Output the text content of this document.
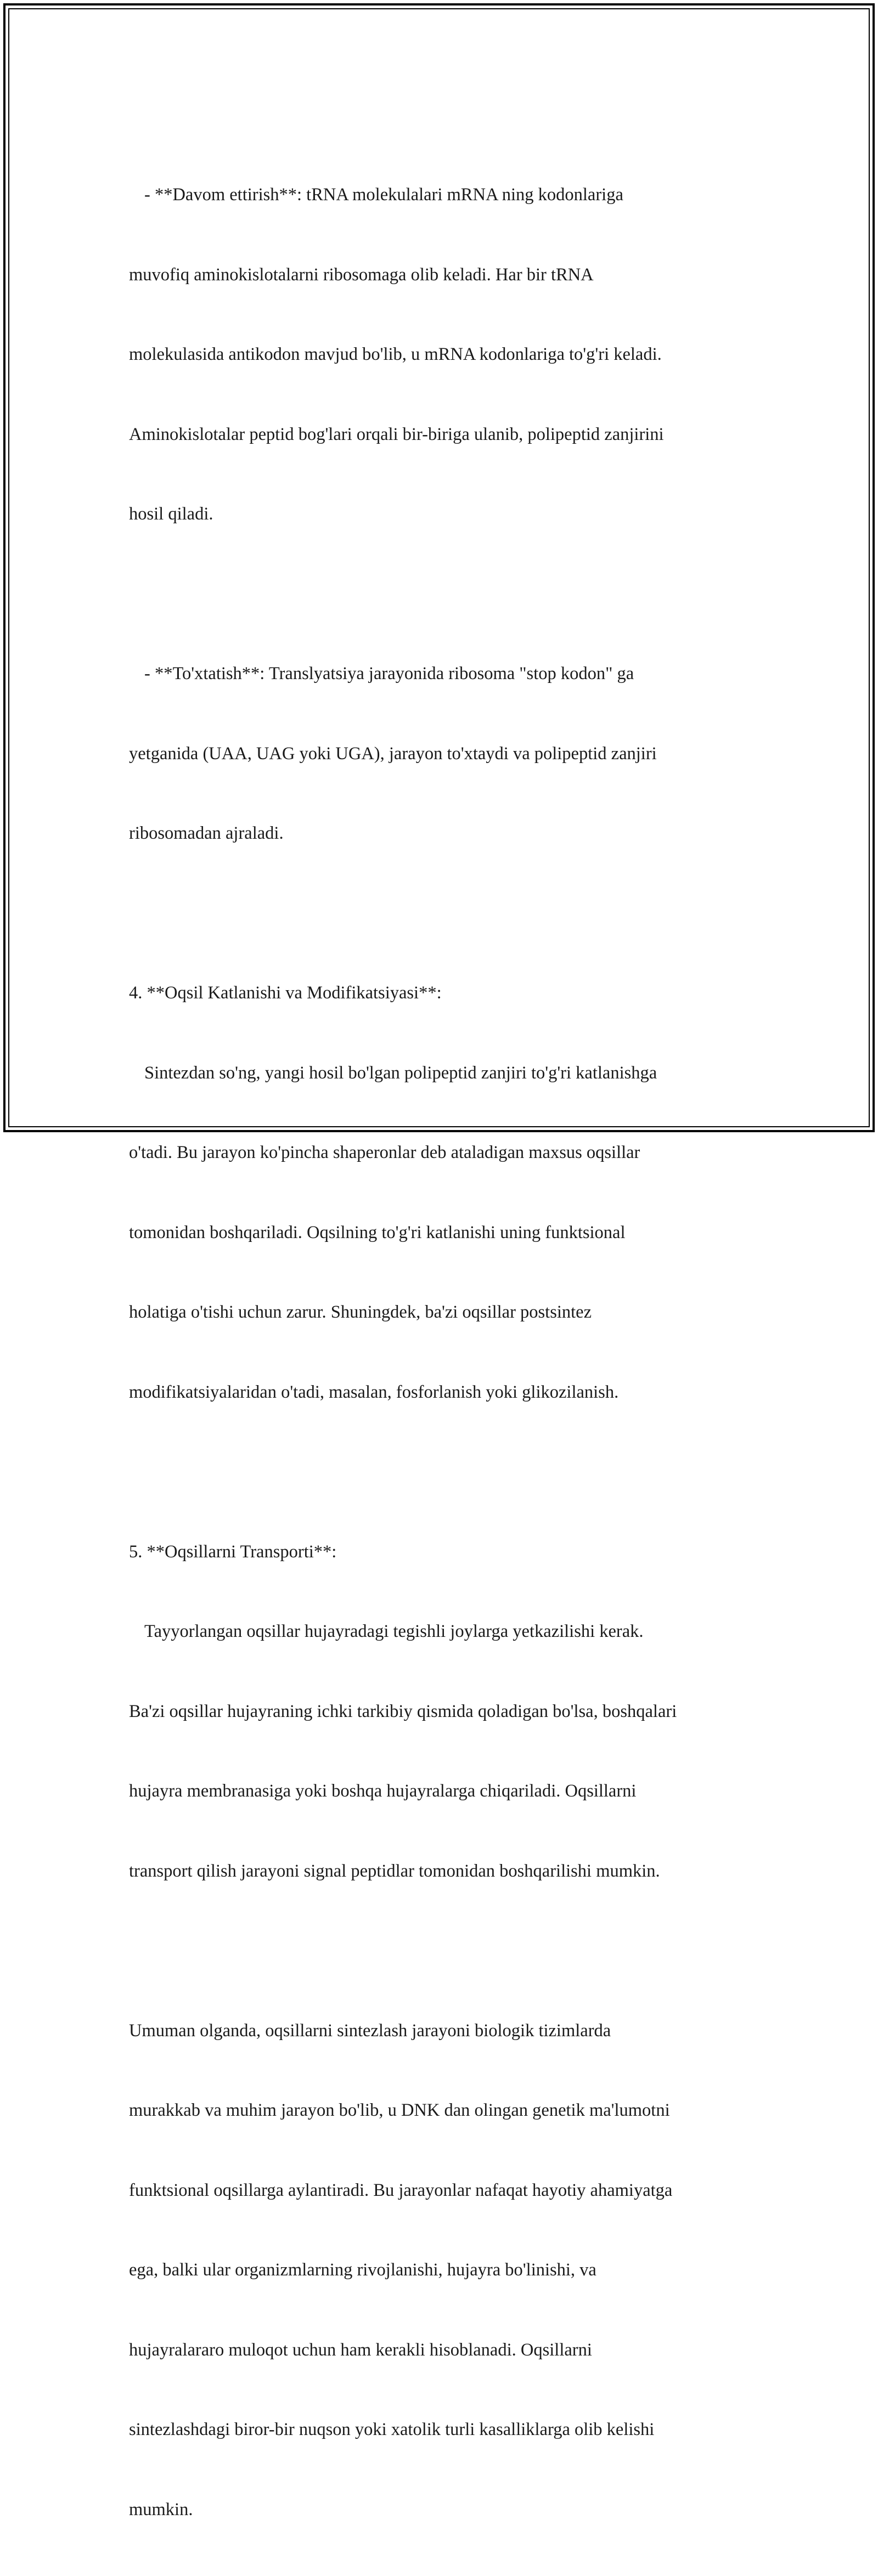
- **Davom ettirish**: tRNA molekulalari mRNA ning kodonlariga

muvofiq aminokislotalarni ribosomaga olib keladi. Har bir tRNA

molekulasida antikodon mavjud bo'lib, u mRNA kodonlariga to'g'ri keladi.

Aminokislotalar peptid bog'lari orqali bir-biriga ulanib, polipeptid zanjirini

hosil qiladi.

- **To'xtatish**: Translyatsiya jarayonida ribosoma "stop kodon" ga

yetganida (UAA, UAG yoki UGA), jarayon to'xtaydi va polipeptid zanjiri

ribosomadan ajraladi.

4. **Oqsil Katlanishi va Modifikatsiyasi**:

Sintezdan so'ng, yangi hosil bo'lgan polipeptid zanjiri to'g'ri katlanishga

o'tadi. Bu jarayon ko'pincha shaperonlar deb ataladigan maxsus oqsillar

tomonidan boshqariladi. Oqsilning to'g'ri katlanishi uning funktsional

holatiga o'tishi uchun zarur. Shuningdek, ba'zi oqsillar postsintez

modifikatsiyalaridan o'tadi, masalan, fosforlanish yoki glikozilanish.

5. **Oqsillarni Transporti**:

Tayyorlangan oqsillar hujayradagi tegishli joylarga yetkazilishi kerak.

Ba'zi oqsillar hujayraning ichki tarkibiy qismida qoladigan bo'lsa, boshqalari

hujayra membranasiga yoki boshqa hujayralarga chiqariladi. Oqsillarni

transport qilish jarayoni signal peptidlar tomonidan boshqarilishi mumkin.

Umuman olganda, oqsillarni sintezlash jarayoni biologik tizimlarda

murakkab va muhim jarayon bo'lib, u DNK dan olingan genetik ma'lumotni

funktsional oqsillarga aylantiradi. Bu jarayonlar nafaqat hayotiy ahamiyatga

ega, balki ular organizmlarning rivojlanishi, hujayra bo'linishi, va

hujayralararo muloqot uchun ham kerakli hisoblanadi. Oqsillarni

sintezlashdagi biror-bir nuqson yoki xatolik turli kasalliklarga olib kelishi

mumkin.
